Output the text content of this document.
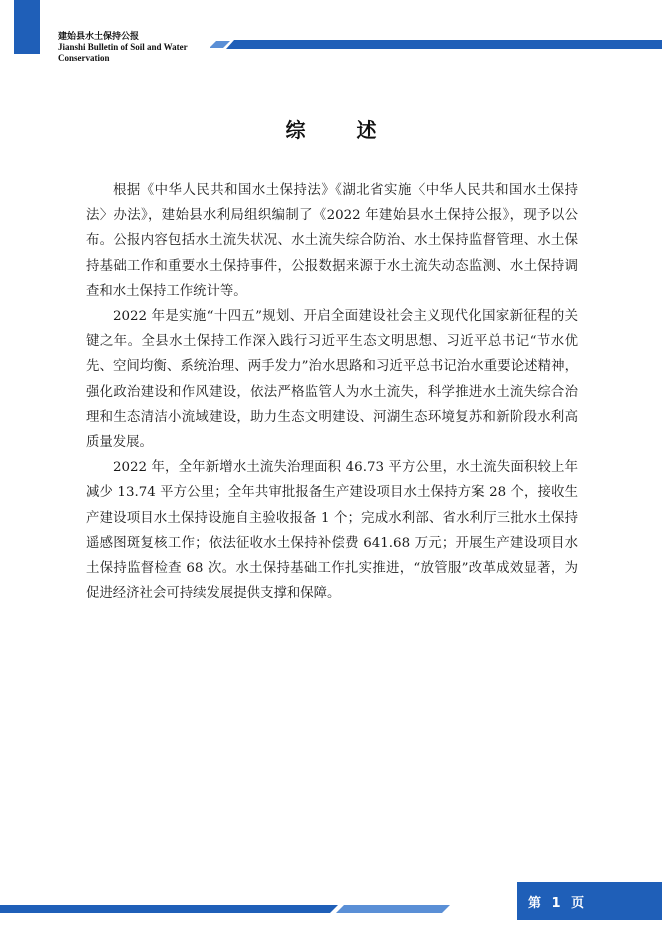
建始县水土保持公报
Jianshi Bulletin of Soil and Water Conservation
综 述

根据《中华人民共和国水土保持法》《湖北省实施〈中华人民共和国水土保持法〉办法》，建始县水利局组织编制了《2022 年建始县水土保持公报》，现予以公布。公报内容包括水土流失状况、水土流失综合防治、水土保持监督管理、水土保持基础工作和重要水土保持事件，公报数据来源于水土流失动态监测、水土保持调查和水土保持工作统计等。

2022 年是实施“十四五”规划、开启全面建设社会主义现代化国家新征程的关键之年。全县水土保持工作深入践行习近平生态文明思想、习近平总书记“节水优先、空间均衡、系统治理、两手发力”治水思路和习近平总书记治水重要论述精神，强化政治建设和作风建设，依法严格监管人为水土流失，科学推进水土流失综合治理和生态清洁小流域建设，助力生态文明建设、河湖生态环境复苏和新阶段水利高质量发展。

2022 年，全年新增水土流失治理面积 46.73 平方公里，水土流失面积较上年减少 13.74 平方公里；全年共审批报备生产建设项目水土保持方案 28 个，接收生产建设项目水土保持设施自主验收报备 1 个；完成水利部、省水利厅三批水土保持遥感图斑复核工作；依法征收水土保持补偿费 641.68 万元；开展生产建设项目水土保持监督检查 68 次。水土保持基础工作扎实推进，“放管服”改革成效显著，为促进经济社会可持续发展提供支撑和保障。

第 1 页
